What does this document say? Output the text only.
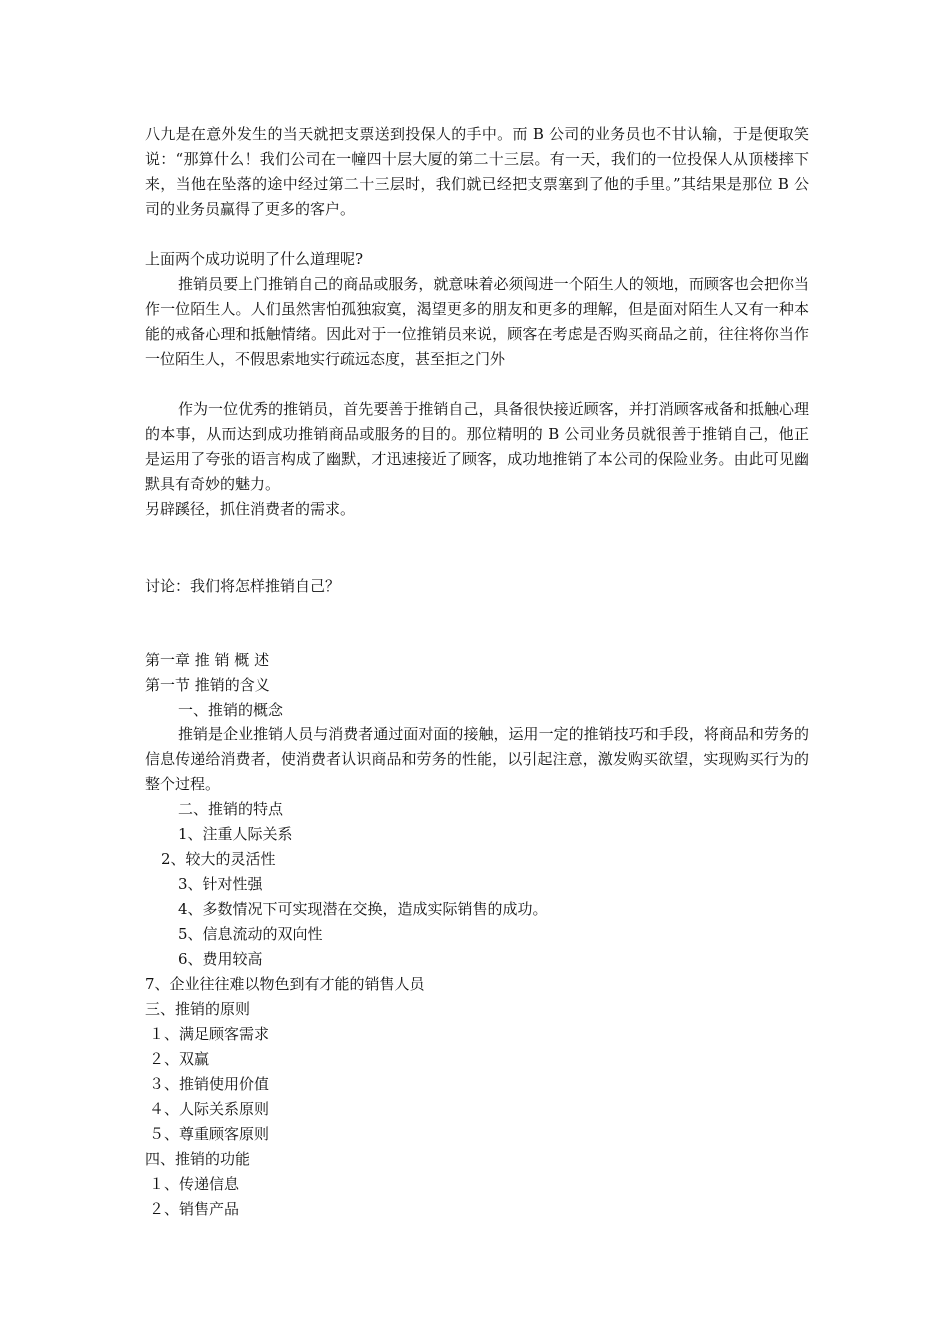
八九是在意外发生的当天就把支票送到投保人的手中。而 B 公司的业务员也不甘认输，于是便取笑说：“那算什么！我们公司在一幢四十层大厦的第二十三层。有一天，我们的一位投保人从顶楼摔下来，当他在坠落的途中经过第二十三层时，我们就已经把支票塞到了他的手里。”其结果是那位 B 公司的业务员赢得了更多的客户。

上面两个成功说明了什么道理呢?

推销员要上门推销自己的商品或服务，就意味着必须闯进一个陌生人的领地，而顾客也会把你当作一位陌生人。人们虽然害怕孤独寂寞，渴望更多的朋友和更多的理解，但是面对陌生人又有一种本能的戒备心理和抵触情绪。因此对于一位推销员来说，顾客在考虑是否购买商品之前，往往将你当作一位陌生人，不假思索地实行疏远态度，甚至拒之门外

作为一位优秀的推销员，首先要善于推销自己，具备很快接近顾客，并打消顾客戒备和抵触心理的本事，从而达到成功推销商品或服务的目的。那位精明的 B 公司业务员就很善于推销自己，他正是运用了夸张的语言构成了幽默，才迅速接近了顾客，成功地推销了本公司的保险业务。由此可见幽默具有奇妙的魅力。

另辟蹊径，抓住消费者的需求。

讨论：我们将怎样推销自己？

第一章 推 销 概 述

第一节 推销的含义

一、推销的概念

推销是企业推销人员与消费者通过面对面的接触，运用一定的推销技巧和手段，将商品和劳务的信息传递给消费者，使消费者认识商品和劳务的性能，以引起注意，激发购买欲望，实现购买行为的整个过程。

二、推销的特点

1、注重人际关系

2、较大的灵活性

3、针对性强

4、多数情况下可实现潜在交换，造成实际销售的成功。

5、信息流动的双向性

6、费用较高

7、企业往往难以物色到有才能的销售人员

三、推销的原则

１、满足顾客需求

２、双赢

３、推销使用价值

４、人际关系原则

５、尊重顾客原则

四、推销的功能

１、传递信息

２、销售产品
